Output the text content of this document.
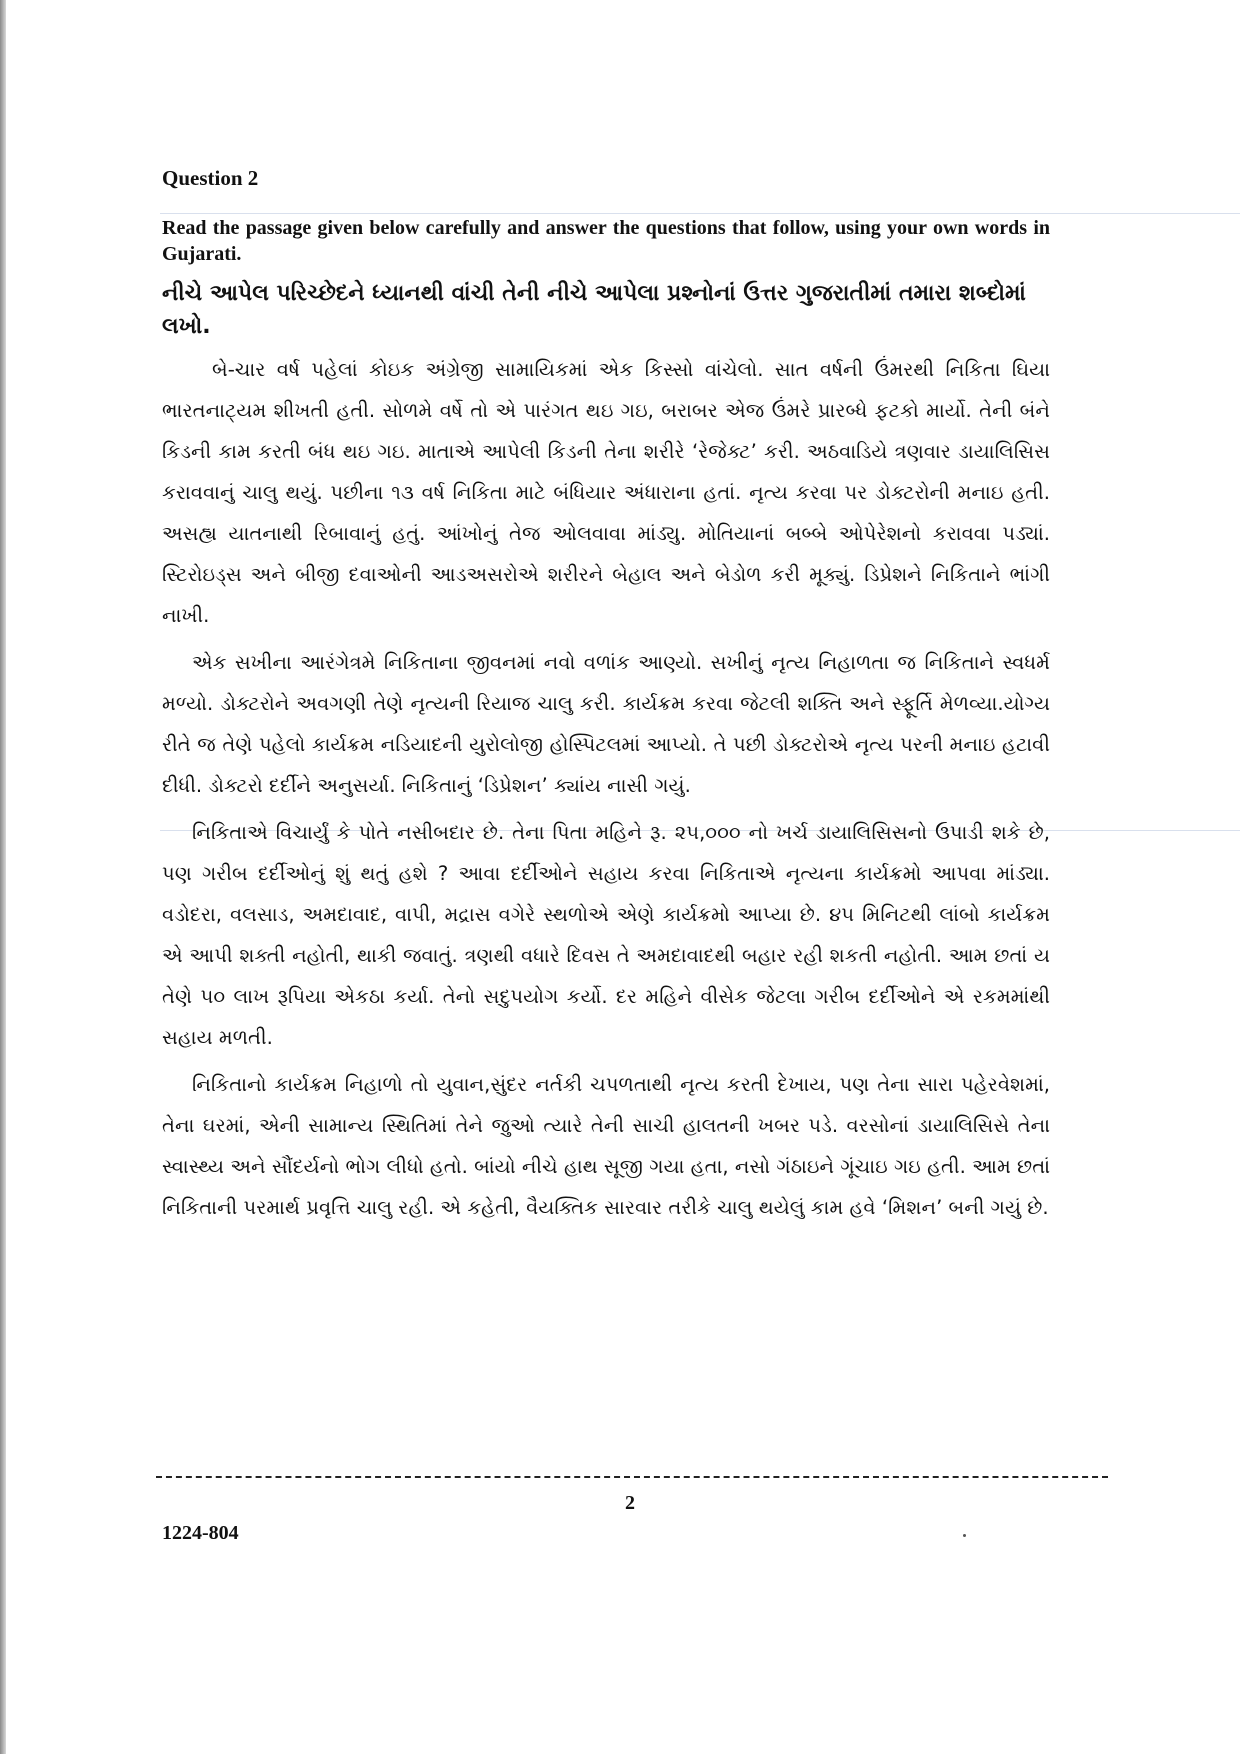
Question 2
Read the passage given below carefully and answer the questions that follow, using your own words in Gujarati.
નીચે આપેલ પરિચ્છેદને ધ્યાનથી વાંચી તેની નીચે આપેલા પ્રશ્નોનાં ઉત્તર ગુજરાતીમાં તમારા શબ્દોમાં લખો.

બે-ચાર વર્ષ પહેલાં કોઇક અંગ્રેજી સામાયિકમાં એક કિસ્સો વાંચેલો. સાત વર્ષની ઉંમરથી નિકિતા ઘિયા ભારતનાટ્યમ શીખતી હતી. સોળમે વર્ષે તો એ પારંગત થઇ ગઇ, બરાબર એજ ઉંમરે પ્રારબ્ધે ફટકો માર્યો. તેની બંને કિડની કામ કરતી બંધ થઇ ગઇ. માતાએ આપેલી કિડની તેના શરીરે ‘રેજેક્ટ’ કરી. અઠવાડિયે ત્રણવાર ડાયાલિસિસ કરાવવાનું ચાલુ થયું. પછીના ૧૩ વર્ષ નિકિતા માટે બંધિયાર અંધારાના હતાં. નૃત્ય કરવા પર ડોક્ટરોની મનાઇ હતી. અસહ્ય યાતનાથી રિબાવાનું હતું. આંખોનું તેજ ઓલવાવા માંડ્યુ. મોતિયાનાં બબ્બે ઓપેરેશનો કરાવવા પડ્યાં. સ્ટિરોઇડ્સ અને બીજી દવાઓની આડઅસરોએ શરીરને બેહાલ અને બેડોળ કરી મૂક્યું. ડિપ્રેશને નિકિતાને ભાંગી નાખી.

એક સખીના આરંગેત્રમે નિકિતાના જીવનમાં નવો વળાંક આણ્યો. સખીનું નૃત્ય નિહાળતા જ નિકિતાને સ્વધર્મ મળ્યો. ડોક્ટરોને અવગણી તેણે નૃત્યની રિયાજ ચાલુ કરી. કાર્યક્રમ કરવા જેટલી શક્તિ અને સ્ફૂર્તિ મેળવ્યા.યોગ્ય રીતે જ તેણે પહેલો કાર્યક્રમ નડિયાદની યુરોલોજી હોસ્પિટલમાં આપ્યો. તે પછી ડોક્ટરોએ નૃત્ય પરની મનાઇ હટાવી દીધી. ડોક્ટરો દર્દીને અનુસર્યા. નિકિતાનું ‘ડિપ્રેશન’ ક્યાંય નાસી ગયું.

નિકિતાએ વિચાર્યું કે પોતે નસીબદાર છે. તેના પિતા મહિને રૂ. ૨૫,૦૦૦ નો ખર્ચ ડાયાલિસિસનો ઉપાડી શકે છે, પણ ગરીબ દર્દીઓનું શું થતું હશે ? આવા દર્દીઓને સહાય કરવા નિકિતાએ નૃત્યના કાર્યક્રમો આપવા માંડ્યા. વડોદરા, વલસાડ, અમદાવાદ, વાપી, મદ્રાસ વગેરે સ્થળોએ એણે કાર્યક્રમો આપ્યા છે. ૪૫ મિનિટથી લાંબો કાર્યક્રમ એ આપી શક્તી નહોતી, થાકી જવાતું. ત્રણથી વધારે દિવસ તે અમદાવાદથી બહાર રહી શકતી નહોતી. આમ છતાં ય તેણે ૫૦ લાખ રૂપિયા એકઠા કર્યા. તેનો સદુપયોગ કર્યો. દર મહિને વીસેક જેટલા ગરીબ દર્દીઓને એ રકમમાંથી સહાય મળતી.

નિકિતાનો કાર્યક્રમ નિહાળો તો યુવાન,સુંદર નર્તકી ચપળતાથી નૃત્ય કરતી દેખાય, પણ તેના સારા પહેરવેશમાં, તેના ઘરમાં, એની સામાન્ય સ્થિતિમાં તેને જુઓ ત્યારે તેની સાચી હાલતની ખબર પડે. વરસોનાં ડાયાલિસિસે તેના સ્વાસ્થ્ય અને સૌંદર્યનો ભોગ લીધો હતો. બાંયો નીચે હાથ સૂજી ગયા હતા, નસો ગંઠાઇને ગૂંચાઇ ગઇ હતી. આમ છતાં નિકિતાની પરમાર્થ પ્રવૃત્તિ ચાલુ રહી. એ કહેતી, વૈયક્તિક સારવાર તરીકે ચાલુ થયેલું કામ હવે ‘મિશન’ બની ગયું છે.

2
1224-804
